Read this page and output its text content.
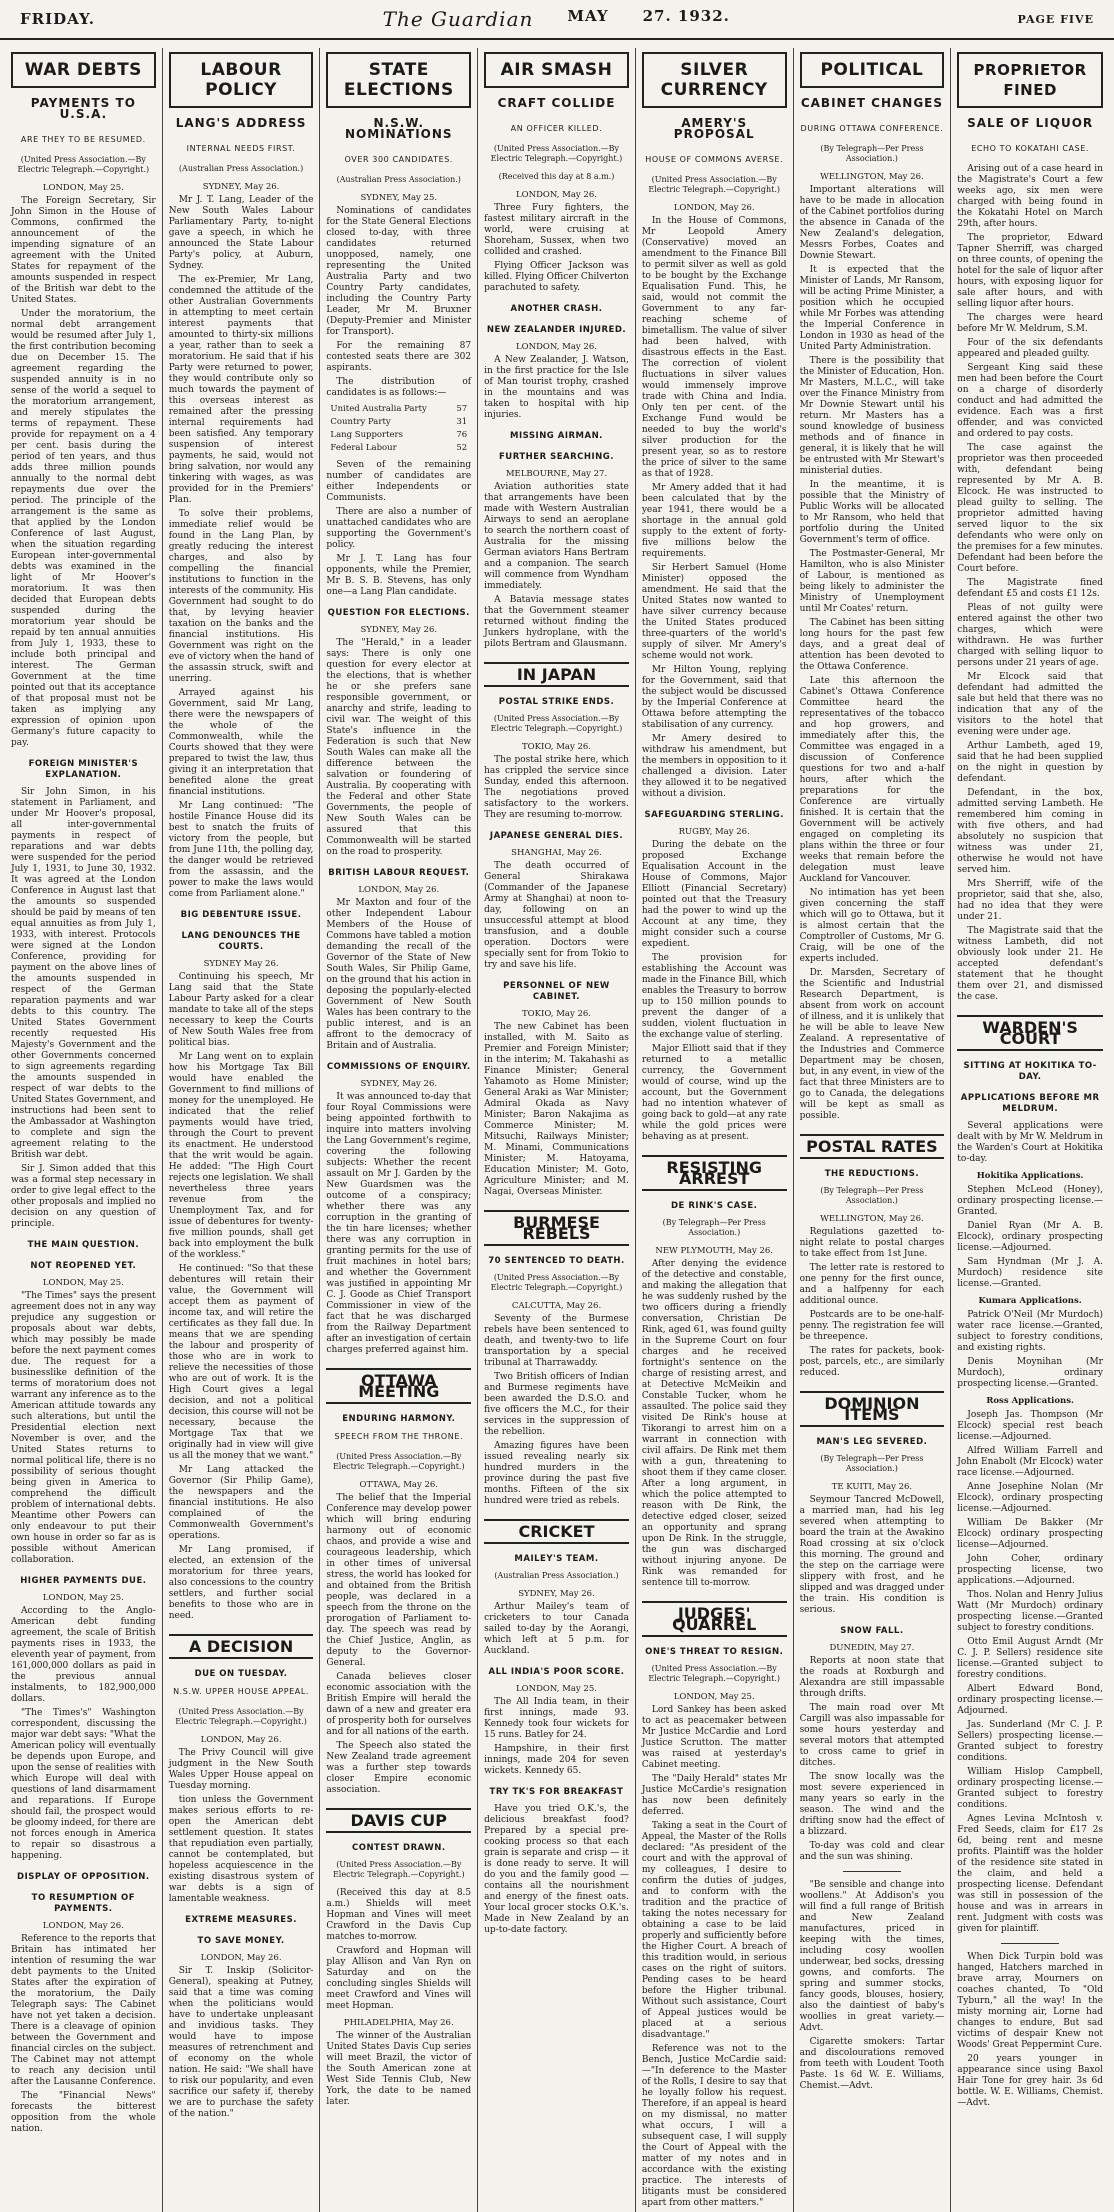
FRIDAY.	The Guardian MAY 27. 1932.	PAGE FIVE
WAR DEBTS
PAYMENTS TO U.S.A.
ARE THEY TO BE RESUMED.
(United Press Association.—By Electric Telegraph.—Copyright.)
LONDON, May 25.

The Foreign Secretary, Sir John Simon in the House of Commons, confirmed the announcement of the impending signature of an agreement with the United States for repayment of the amounts suspended in respect of the British war debt to the United States.

Under the moratorium, the normal debt arrangement would be resumed after July 1, the first contribution becoming due on December 15. The agreement regarding the suspended annuity is in no sense of the world a sequel to the moratorium arrangement, and merely stipulates the terms of repayment. These provide for repayment on a 4 per cent. basis during the period of ten years, and thus adds three million pounds annually to the normal debt repayments due over the period. The principle of the arrangement is the same as that applied by the London Conference of last August, when the situation regarding European inter-governmental debts was examined in the light of Mr Hoover's moratorium. It was then decided that European debts suspended during the moratorium year should be repaid by ten annual annuities from July 1, 1933, these to include both principal and interest. The German Government at the time pointed out that its acceptance of that proposal must not be taken as implying any expression of opinion upon Germany's future capacity to pay.

FOREIGN MINISTER'S EXPLANATION.

Sir John Simon, in his statement in Parliament, and under Mr Hoover's proposal, all inter-governmental payments in respect of reparations and war debts were suspended for the period July 1, 1931, to June 30, 1932. It was agreed at the London Conference in August last that the amounts so suspended should be paid by means of ten equal annuities as from July 1, 1933, with interest. Protocols were signed at the London Conference, providing for payment on the above lines of the amounts suspended in respect of the German reparation payments and war debts to this country. The United States Government recently requested His Majesty's Government and the other Governments concerned to sign agreements regarding the amounts suspended in respect of war debts to the United States Government, and instructions had been sent to the Ambassador at Washington to complete and sign the agreement relating to the British war debt.

Sir J. Simon added that this was a formal step necessary in order to give legal effect to the other proposals and implied no decision on any question of principle.

THE MAIN QUESTION.
NOT REOPENED YET.
LONDON, May 25.

"The Times" says the present agreement does not in any way prejudice any suggestion or proposals about war debts, which may possibly be made before the next payment comes due. The request for a businesslike definition of the terms of moratorium does not warrant any inference as to the American attitude towards any such alterations, but until the Presidential election next November is over, and the United States returns to normal political life, there is no possibility of serious thought being given in America to comprehend the difficult problem of international debts. Meantime other Powers can only endeavour to put their own house in order so far as is possible without American collaboration.

HIGHER PAYMENTS DUE.
LONDON, May 25.

According to the Anglo-American debt funding agreement, the scale of British payments rises in 1933, the eleventh year of payment, from 161,000,000 dollars as paid in the previous annual instalments, to 182,900,000 dollars.

"The Times's" Washington correspondent, discussing the major war debt says: "What the American policy will eventually be depends upon Europe, and upon the sense of realities with which Europe will deal with questions of land disarmament and reparations. If Europe should fail, the prospect would be gloomy indeed, for there are not forces enough in America to repair so disastrous a happening.

DISPLAY OF OPPOSITION.
TO RESUMPTION OF PAYMENTS.
LONDON, May 26.

Reference to the reports that Britain has intimated her intention of resuming the war debt payments to the United States after the expiration of the moratorium, the Daily Telegraph says: The Cabinet have not yet taken a decision. There is a cleavage of opinion between the Government and financial circles on the subject. The Cabinet may not attempt to reach any decision until after the Lausanne Conference.

The "Financial News" forecasts the bitterest opposition from the whole nation.

LABOUR POLICY
LANG'S ADDRESS
INTERNAL NEEDS FIRST.
(Australian Press Association.)
SYDNEY, May 26.

Mr J. T. Lang, Leader of the New South Wales Labour Parliamentary Party, to-night gave a speech, in which he announced the State Labour Party's policy, at Auburn, Sydney.

The ex-Premier, Mr Lang, condemned the attitude of the other Australian Governments in attempting to meet certain interest payments that amounted to thirty-six millions a year, rather than to seek a moratorium. He said that if his Party were returned to power, they would contribute only so much towards the payment of this overseas interest as remained after the pressing internal requirements had been satisfied. Any temporary suspension of interest payments, he said, would not bring salvation, nor would any tinkering with wages, as was provided for in the Premiers' Plan.

To solve their problems, immediate relief would be found in the Lang Plan, by greatly reducing the interest charges, and also by compelling the financial institutions to function in the interests of the community. His Government had sought to do that, by levying heavier taxation on the banks and the financial institutions. His Government was right on the eve of victory when the hand of the assassin struck, swift and unerring.

Arrayed against his Government, said Mr Lang, there were the newspapers of the whole of the Commonwealth, while the Courts showed that they were prepared to twist the law, thus giving it an interpretation that benefited alone the great financial institutions.

Mr Lang continued: "The hostile Finance House did its best to snatch the fruits of victory from the people, but from June 11th, the polling day, the danger would be retrieved from the assassin, and the power to make the laws would come from Parliament alone."

BIG DEBENTURE ISSUE.
LANG DENOUNCES THE COURTS.
SYDNEY May 26.

Continuing his speech, Mr Lang said that the State Labour Party asked for a clear mandate to take all of the steps necessary to keep the Courts of New South Wales free from political bias.

Mr Lang went on to explain how his Mortgage Tax Bill would have enabled the Government to find millions of money for the unemployed. He indicated that the relief payments would have tried, through the Court to prevent its enactment. He understood that the writ would be again. He added: "The High Court rejects one legislation. We shall nevertheless three years revenue from the Unemployment Tax, and for issue of debentures for twenty-five million pounds, shall get back into employment the bulk of the workless."

He continued: "So that these debentures will retain their value, the Government will accept them as payment of income tax, and will retire the certificates as they fall due. In means that we are spending the labour and prosperity of those who are in work to relieve the necessities of those who are out of work. It is the High Court gives a legal decision, and not a political decision, this course will not be necessary, because the Mortgage Tax that we originally had in view will give us all the money that we want."

Mr Lang attacked the Governor (Sir Philip Game), the newspapers and the financial institutions. He also complained of the Commonwealth Government's operations.

Mr Lang promised, if elected, an extension of the moratorium for three years, also concessions to the country settlers, and further social benefits to those who are in need.

A DECISION
DUE ON TUESDAY.
N.S.W. UPPER HOUSE APPEAL.
(United Press Association.—By Electric Telegraph.—Copyright.)
LONDON, May 26.

The Privy Council will give judgment in the New South Wales Upper House appeal on Tuesday morning.

tion unless the Government makes serious efforts to re-open the American debt settlement question. It states that repudiation even partially, cannot be contemplated, but hopeless acquiescence in the existing disastrous system of war debts is a sign of lamentable weakness.

EXTREME MEASURES.
TO SAVE MONEY.
LONDON, May 26.

Sir T. Inskip (Solicitor-General), speaking at Putney, said that a time was coming when the politicians would have to undertake unpleasant and invidious tasks. They would have to impose measures of retrenchment and of economy on the whole nation. He said: "We shall have to risk our popularity, and even sacrifice our safety if, thereby we are to purchase the safety of the nation."

STATE ELECTIONS
N.S.W. NOMINATIONS
OVER 300 CANDIDATES.
(Australian Press Association.)
SYDNEY, May 25.

Nominations of candidates for the State General Elections closed to-day, with three candidates returned unopposed, namely, one representing the United Australia Party and two Country Party candidates, including the Country Party Leader, Mr M. Bruxner (Deputy-Premier and Minister for Transport).

For the remaining 87 contested seats there are 302 aspirants.

The distribution of candidates is as follows:—

United Australia Party	57
Country Party	31
Lang Supporters	76
Federal Labour	52

Seven of the remaining number of candidates are either Independents or Communists.

There are also a number of unattached candidates who are supporting the Government's policy.

Mr J. T. Lang has four opponents, while the Premier, Mr B. S. B. Stevens, has only one—a Lang Plan candidate.

QUESTION FOR ELECTIONS.
SYDNEY, May 26.

The "Herald," in a leader says: There is only one question for every elector at the elections, that is whether he or she prefers sane responsible government, or anarchy and strife, leading to civil war. The weight of this State's influence in the Federation is such that New South Wales can make all the difference between the salvation or foundering of Australia. By cooperating with the Federal and other State Governments, the people of New South Wales can be assured that this Commonwealth will be started on the road to prosperity.

BRITISH LABOUR REQUEST.
LONDON, May 26.

Mr Maxton and four of the other Independent Labour Members of the House of Commons have tabled a motion demanding the recall of the Governor of the State of New South Wales, Sir Philip Game, on the ground that his action in deposing the popularly-elected Government of New South Wales has been contrary to the public interest, and is an affront to the democracy of Britain and of Australia.

COMMISSIONS OF ENQUIRY.
SYDNEY, May 26.

It was announced to-day that four Royal Commissions were being appointed forthwith to inquire into matters involving the Lang Government's regime, covering the following subjects: Whether the recent assault on Mr J. Garden by the New Guardsmen was the outcome of a conspiracy; whether there was any corruption in the granting of the tin hare licenses; whether there was any corruption in granting permits for the use of fruit machines in hotel bars; and whether the Government was justified in appointing Mr C. J. Goode as Chief Transport Commissioner in view of the fact that he was discharged from the Railway Department after an investigation of certain charges preferred against him.

OTTAWA MEETING
ENDURING HARMONY.
SPEECH FROM THE THRONE.
(United Press Association.—By Electric Telegraph.—Copyright.)
OTTAWA, May 26.

The belief that the Imperial Conference may develop power which will bring enduring harmony out of economic chaos, and provide a wise and courageous leadership, which in other times of universal stress, the world has looked for and obtained from the British people, was declared in a speech from the throne on the prorogation of Parliament to-day. The speech was read by the Chief Justice, Anglin, as deputy to the Governor-General.

Canada believes closer economic association with the British Empire will herald the dawn of a new and greater era of prosperity both for ourselves and for all nations of the earth.

The Speech also stated the New Zealand trade agreement was a further step towards closer Empire economic association.

DAVIS CUP
CONTEST DRAWN.
(United Press Association.—By Electric Telegraph.—Copyright.)

(Received this day at 8.5 a.m.) Shields will meet Hopman and Vines will meet Crawford in the Davis Cup matches to-morrow.

Crawford and Hopman will play Allison and Van Ryn on Saturday and on the concluding singles Shields will meet Crawford and Vines will meet Hopman.

PHILADELPHIA, May 26.

The winner of the Australian United States Davis Cup series will meet Brazil, the victor of the South American zone at West Side Tennis Club, New York, the date to be named later.

AIR SMASH
CRAFT COLLIDE
AN OFFICER KILLED.
(United Press Association.—By Electric Telegraph.—Copyright.)
(Received this day at 8 a.m.)
LONDON, May 26.

Three Fury fighters, the fastest military aircraft in the world, were cruising at Shoreham, Sussex, when two collided and crashed.

Flying Officer Jackson was killed. Flying Officer Chilverton parachuted to safety.

ANOTHER CRASH.
NEW ZEALANDER INJURED.
LONDON, May 26.

A New Zealander, J. Watson, in the first practice for the Isle of Man tourist trophy, crashed in the mountains and was taken to hospital with hip injuries.

MISSING AIRMAN.
FURTHER SEARCHING.
MELBOURNE, May 27.

Aviation authorities state that arrangements have been made with Western Australian Airways to send an aeroplane to search the northern coast of Australia for the missing German aviators Hans Bertram and a companion. The search will commence from Wyndham immediately.

A Batavia message states that the Government steamer returned without finding the Junkers hydroplane, with the pilots Bertram and Glausmann.

IN JAPAN
POSTAL STRIKE ENDS.
(United Press Association.—By Electric Telegraph.—Copyright.)
TOKIO, May 26.

The postal strike here, which has crippled the service since Sunday, ended this afternoon. The negotiations proved satisfactory to the workers. They are resuming to-morrow.

JAPANESE GENERAL DIES.
SHANGHAI, May 26.

The death occurred of General Shirakawa (Commander of the Japanese Army at Shanghai) at noon to-day, following on an unsuccessful attempt at blood transfusion, and a double operation. Doctors were specially sent for from Tokio to try and save his life.

PERSONNEL OF NEW CABINET.
TOKIO, May 26.

The new Cabinet has been installed, with M. Saito as Premier and Foreign Minister; in the interim; M. Takahashi as Finance Minister; General Yahamoto as Home Minister; General Araki as War Minister; Admiral Okada as Navy Minister; Baron Nakajima as Commerce Minister; M. Mitsuchi, Railways Minister; M. Minami, Communications Minister; M. Hatoyama, Education Minister; M. Goto, Agriculture Minister; and M. Nagai, Overseas Minister.

BURMESE REBELS
70 SENTENCED TO DEATH.
(United Press Association.—By Electric Telegraph.—Copyright.)
CALCUTTA, May 26.

Seventy of the Burmese rebels have been sentenced to death, and twenty-two to life transportation by a special tribunal at Tharrawaddy.

Two British officers of Indian and Burmese regiments have been awarded the D.S.O. and five officers the M.C., for their services in the suppression of the rebellion.

Amazing figures have been issued revealing nearly six hundred murders in the province during the past five months. Fifteen of the six hundred were tried as rebels.

CRICKET
MAILEY'S TEAM.
(Australian Press Association.)
SYDNEY, May 26.

Arthur Mailey's team of cricketers to tour Canada sailed to-day by the Aorangi, which left at 5 p.m. for Auckland.

ALL INDIA'S POOR SCORE.
LONDON, May 25.

The All India team, in their first innings, made 93. Kennedy took four wickets for 15 runs. Batley for 24.

Hampshire, in their first innings, made 204 for seven wickets. Kennedy 65.

TRY TK'S FOR BREAKFAST

Have you tried O.K.'s, the delicious breakfast food? Prepared by a special pre-cooking process so that each grain is separate and crisp — it is done ready to serve. It will do you and the family good — contains all the nourishment and energy of the finest oats. Your local grocer stocks O.K.'s. Made in New Zealand by an up-to-date factory.

SILVER CURRENCY
AMERY'S PROPOSAL
HOUSE OF COMMONS AVERSE.
(United Press Association.—By Electric Telegraph.—Copyright.)
LONDON, May 26.

In the House of Commons, Mr Leopold Amery (Conservative) moved an amendment to the Finance Bill to permit silver as well as gold to be bought by the Exchange Equalisation Fund. This, he said, would not commit the Government to any far-reaching scheme of bimetallism. The value of silver had been halved, with disastrous effects in the East. The correction of violent fluctuations in silver values would immensely improve trade with China and India. Only ten per cent. of the Exchange Fund would be needed to buy the world's silver production for the present year, so as to restore the price of silver to the same as that of 1928.

Mr Amery added that it had been calculated that by the year 1941, there would be a shortage in the annual gold supply to the extent of forty-five millions below the requirements.

Sir Herbert Samuel (Home Minister) opposed the amendment. He said that the United States now wanted to have silver currency because the United States produced three-quarters of the world's supply of silver. Mr Amery's scheme would not work.

Mr Hilton Young, replying for the Government, said that the subject would be discussed by the Imperial Conference at Ottawa before attempting the stabilisation of any currency.

Mr Amery desired to withdraw his amendment, but the members in opposition to it challenged a division. Later they allowed it to be negatived without a division.

SAFEGUARDING STERLING.
RUGBY, May 26.

During the debate on the proposed Exchange Equalisation Account in the House of Commons, Major Elliott (Financial Secretary) pointed out that the Treasury had the power to wind up the Account at any time, they might consider such a course expedient.

The provision for establishing the Account was made in the Finance Bill, which enables the Treasury to borrow up to 150 million pounds to prevent the danger of a sudden, violent fluctuation in the exchange value of sterling.

Major Elliott said that if they returned to a metallic currency, the Government would of course, wind up the account, but the Government had no intention whatever of going back to gold—at any rate while the gold prices were behaving as at present.

RESISTING ARREST
DE RINK'S CASE.
(By Telegraph—Per Press Association.)
NEW PLYMOUTH, May 26.

After denying the evidence of the detective and constable, and making the allegation that he was suddenly rushed by the two officers during a friendly conversation, Christian De Rink, aged 61, was found guilty in the Supreme Court on four charges and he received fortnight's sentence on the charge of resisting arrest, and at Detective McMeikin and Constable Tucker, whom he assaulted. The police said they visited De Rink's house at Tikorangi to arrest him on a warrant in connection with civil affairs. De Rink met them with a gun, threatening to shoot them if they came closer. After a long argument, in which the police attempted to reason with De Rink, the detective edged closer, seized an opportunity and sprang upon De Rink. In the struggle, the gun was discharged without injuring anyone. De Rink was remanded for sentence till to-morrow.

JUDGES' QUARREL
ONE'S THREAT TO RESIGN.
(United Press Association.—By Electric Telegraph.—Copyright.)
LONDON, May 25.

Lord Sankey has been asked to act as peacemaker between Mr Justice McCardie and Lord Justice Scrutton. The matter was raised at yesterday's Cabinet meeting.

The "Daily Herald" states Mr Justice McCardie's resignation has now been definitely deferred.

Taking a seat in the Court of Appeal, the Master of the Rolls declared: "As president of the court and with the approval of my colleagues, I desire to confirm the duties of judges, and to conform with the tradition and the practice of taking the notes necessary for obtaining a case to be laid properly and sufficiently before the Higher Court. A breach of this tradition would, in serious cases on the right of suitors. Pending cases to be heard before the Higher tribunal. Without such assistance, Court of Appeal justices would be placed at a serious disadvantage."

Reference was not to the Bench, Justice McCardie said:—"In deference to the Master of the Rolls, I desire to say that he loyally follow his request. Therefore, if an appeal is heard on my dismissal, no matter what occurs, I will a subsequent case, I will supply the Court of Appeal with the matter of my notes and in accordance with the existing practice. The interests of litigants must be considered apart from other matters."

POLITICAL
CABINET CHANGES
DURING OTTAWA CONFERENCE.
(By Telegraph—Per Press Association.)
WELLINGTON, May 26.

Important alterations will have to be made in allocation of the Cabinet portfolios during the absence in Canada of the New Zealand's delegation, Messrs Forbes, Coates and Downie Stewart.

It is expected that the Minister of Lands, Mr Ransom, will be acting Prime Minister, a position which he occupied while Mr Forbes was attending the Imperial Conference in London in 1930 as head of the United Party Administration.

There is the possibility that the Minister of Education, Hon. Mr Masters, M.L.C., will take over the Finance Ministry from Mr Downie Stewart until his return. Mr Masters has a sound knowledge of business methods and of finance in general, it is likely that he will be entrusted with Mr Stewart's ministerial duties.

In the meantime, it is possible that the Ministry of Public Works will be allocated to Mr Ransom, who held that portfolio during the United Government's term of office.

The Postmaster-General, Mr Hamilton, who is also Minister of Labour, is mentioned as being likely to administer the Ministry of Unemployment until Mr Coates' return.

The Cabinet has been sitting long hours for the past few days, and a great deal of attention has been devoted to the Ottawa Conference.

Late this afternoon the Cabinet's Ottawa Conference Committee heard the representatives of the tobacco and hop growers, and immediately after this, the Committee was engaged in a discussion of Conference questions for two and a-half hours, after which the preparations for the Conference are virtually finished. It is certain that the Government will be actively engaged on completing its plans within the three or four weeks that remain before the delegation must leave Auckland for Vancouver.

No intimation has yet been given concerning the staff which will go to Ottawa, but it is almost certain that the Comptroller of Customs, Mr G. Craig, will be one of the experts included.

Dr. Marsden, Secretary of the Scientific and Industrial Research Department, is absent from work on account of illness, and it is unlikely that he will be able to leave New Zealand. A representative of the Industries and Commerce Department may be chosen, but, in any event, in view of the fact that three Ministers are to go to Canada, the delegations will be kept as small as possible.

POSTAL RATES
THE REDUCTIONS.
(By Telegraph—Per Press Association.)
WELLINGTON, May 26.

Regulations gazetted to-night relate to postal charges to take effect from 1st June.

The letter rate is restored to one penny for the first ounce, and a halfpenny for each additional ounce.

Postcards are to be one-half-penny. The registration fee will be threepence.

The rates for packets, book-post, parcels, etc., are similarly reduced.

DOMINION ITEMS
MAN'S LEG SEVERED.
(By Telegraph—Per Press Association.)
TE KUITI, May 26.

Seymour Tancred McDowell, a married man, had his leg severed when attempting to board the train at the Awakino Road crossing at six o'clock this morning. The ground and the step on the carriage were slippery with frost, and he slipped and was dragged under the train. His condition is serious.

SNOW FALL.
DUNEDIN, May 27.

Reports at noon state that the roads at Roxburgh and Alexandra are still impassable through drifts.

The main road over Mt Cargill was also impassable for some hours yesterday and several motors that attempted to cross came to grief in ditches.

The snow locally was the most severe experienced in many years so early in the season. The wind and the drifting snow had the effect of a blizzard.

To-day was cold and clear and the sun was shining.

"Be sensible and change into woollens." At Addison's you will find a full range of British and New Zealand manufactures, priced in keeping with the times, including cosy woollen underwear, bed socks, dressing gowns, and comforts. The spring and summer stocks, fancy goods, blouses, hosiery, also the daintiest of baby's woollies in great variety.—Advt.

Cigarette smokers: Tartar and discolourations removed from teeth with Loudent Tooth Paste. 1s 6d W. E. Williams, Chemist.—Advt.

PROPRIETOR FINED
SALE OF LIQUOR
ECHO TO KOKATAHI CASE.

Arising out of a case heard in the Magistrate's Court a few weeks ago, six men were charged with being found in the Kokatahi Hotel on March 29th, after hours.

The proprietor, Edward Tapner Sherriff, was charged on three counts, of opening the hotel for the sale of liquor after hours, with exposing liquor for sale after hours, and with selling liquor after hours.

The charges were heard before Mr W. Meldrum, S.M.

Four of the six defendants appeared and pleaded guilty.

Sergeant King said these men had been before the Court on a charge of disorderly conduct and had admitted the evidence. Each was a first offender, and was convicted and ordered to pay costs.

The case against the proprietor was then proceeded with, defendant being represented by Mr A. B. Elcock. He was instructed to plead guilty to selling. The proprietor admitted having served liquor to the six defendants who were only on the premises for a few minutes. Defendant had been before the Court before.

The Magistrate fined defendant £5 and costs £1 12s.

Pleas of not guilty were entered against the other two charges, which were withdrawn. He was further charged with selling liquor to persons under 21 years of age.

Mr Elcock said that defendant had admitted the sale but held that there was no indication that any of the visitors to the hotel that evening were under age.

Arthur Lambeth, aged 19, said that he had been supplied on the night in question by defendant.

Defendant, in the box, admitted serving Lambeth. He remembered him coming in with five others, and had absolutely no suspicion that witness was under 21, otherwise he would not have served him.

Mrs Sherriff, wife of the proprietor, said that she, also, had no idea that they were under 21.

The Magistrate said that the witness Lambeth, did not obviously look under 21. He accepted defendant's statement that he thought them over 21, and dismissed the case.

WARDEN'S COURT
SITTING AT HOKITIKA TO-DAY.
APPLICATIONS BEFORE MR MELDRUM.

Several applications were dealt with by Mr W. Meldrum in the Warden's Court at Hokitika to-day.

Hokitika Applications.

Stephen McLeod (Honey), ordinary prospecting license.—Granted.

Daniel Ryan (Mr A. B. Elcock), ordinary prospecting license.—Adjourned.

Sam Hyndman (Mr J. A. Murdoch) residence site license.—Granted.

Kumara Applications.

Patrick O'Neil (Mr Murdoch) water race license.—Granted, subject to forestry conditions, and existing rights.

Denis Moynihan (Mr Murdoch), ordinary prospecting license.—Granted.

Ross Applications.

Joseph Jas. Thompson (Mr Elcock) special rest beach license.—Adjourned.

Alfred William Farrell and John Enabolt (Mr Elcock) water race license.—Adjourned.

Anne Josephine Nolan (Mr Elcock), ordinary prospecting license.—Adjourned.

William De Bakker (Mr Elcock) ordinary prospecting license—Adjourned.

John Coher, ordinary prospecting license, two applications.—Adjourned.

Thos. Nolan and Henry Julius Watt (Mr Murdoch) ordinary prospecting license.—Granted subject to forestry conditions.

Otto Emil August Arndt (Mr C. J. P. Sellers) residence site license.—Granted subject to forestry conditions.

Albert Edward Bond, ordinary prospecting license.—Adjourned.

Jas. Sunderland (Mr C. J. P. Sellers) prospecting license.—Granted subject to forestry conditions.

William Hislop Campbell, ordinary prospecting license.—Granted subject to forestry conditions.

Agnes Levina McIntosh v. Fred Seeds, claim for £17 2s 6d, being rent and mesne profits. Plaintiff was the holder of the residence site stated in the claim, and held a prospecting license. Defendant was still in possession of the house and was in arrears in rent. Judgment with costs was given for plaintiff.

When Dick Turpin bold was hanged, Hatchers marched in brave array, Mourners on coaches chanted, To "Old Tyburn," all the way! In the misty morning air, Lorne had changes to endure, But sad victims of despair Knew not Woods' Great Peppermint Cure.

20 years younger in appearance since using Baxol Hair Tone for grey hair. 3s 6d bottle. W. E. Williams, Chemist.—Advt.
